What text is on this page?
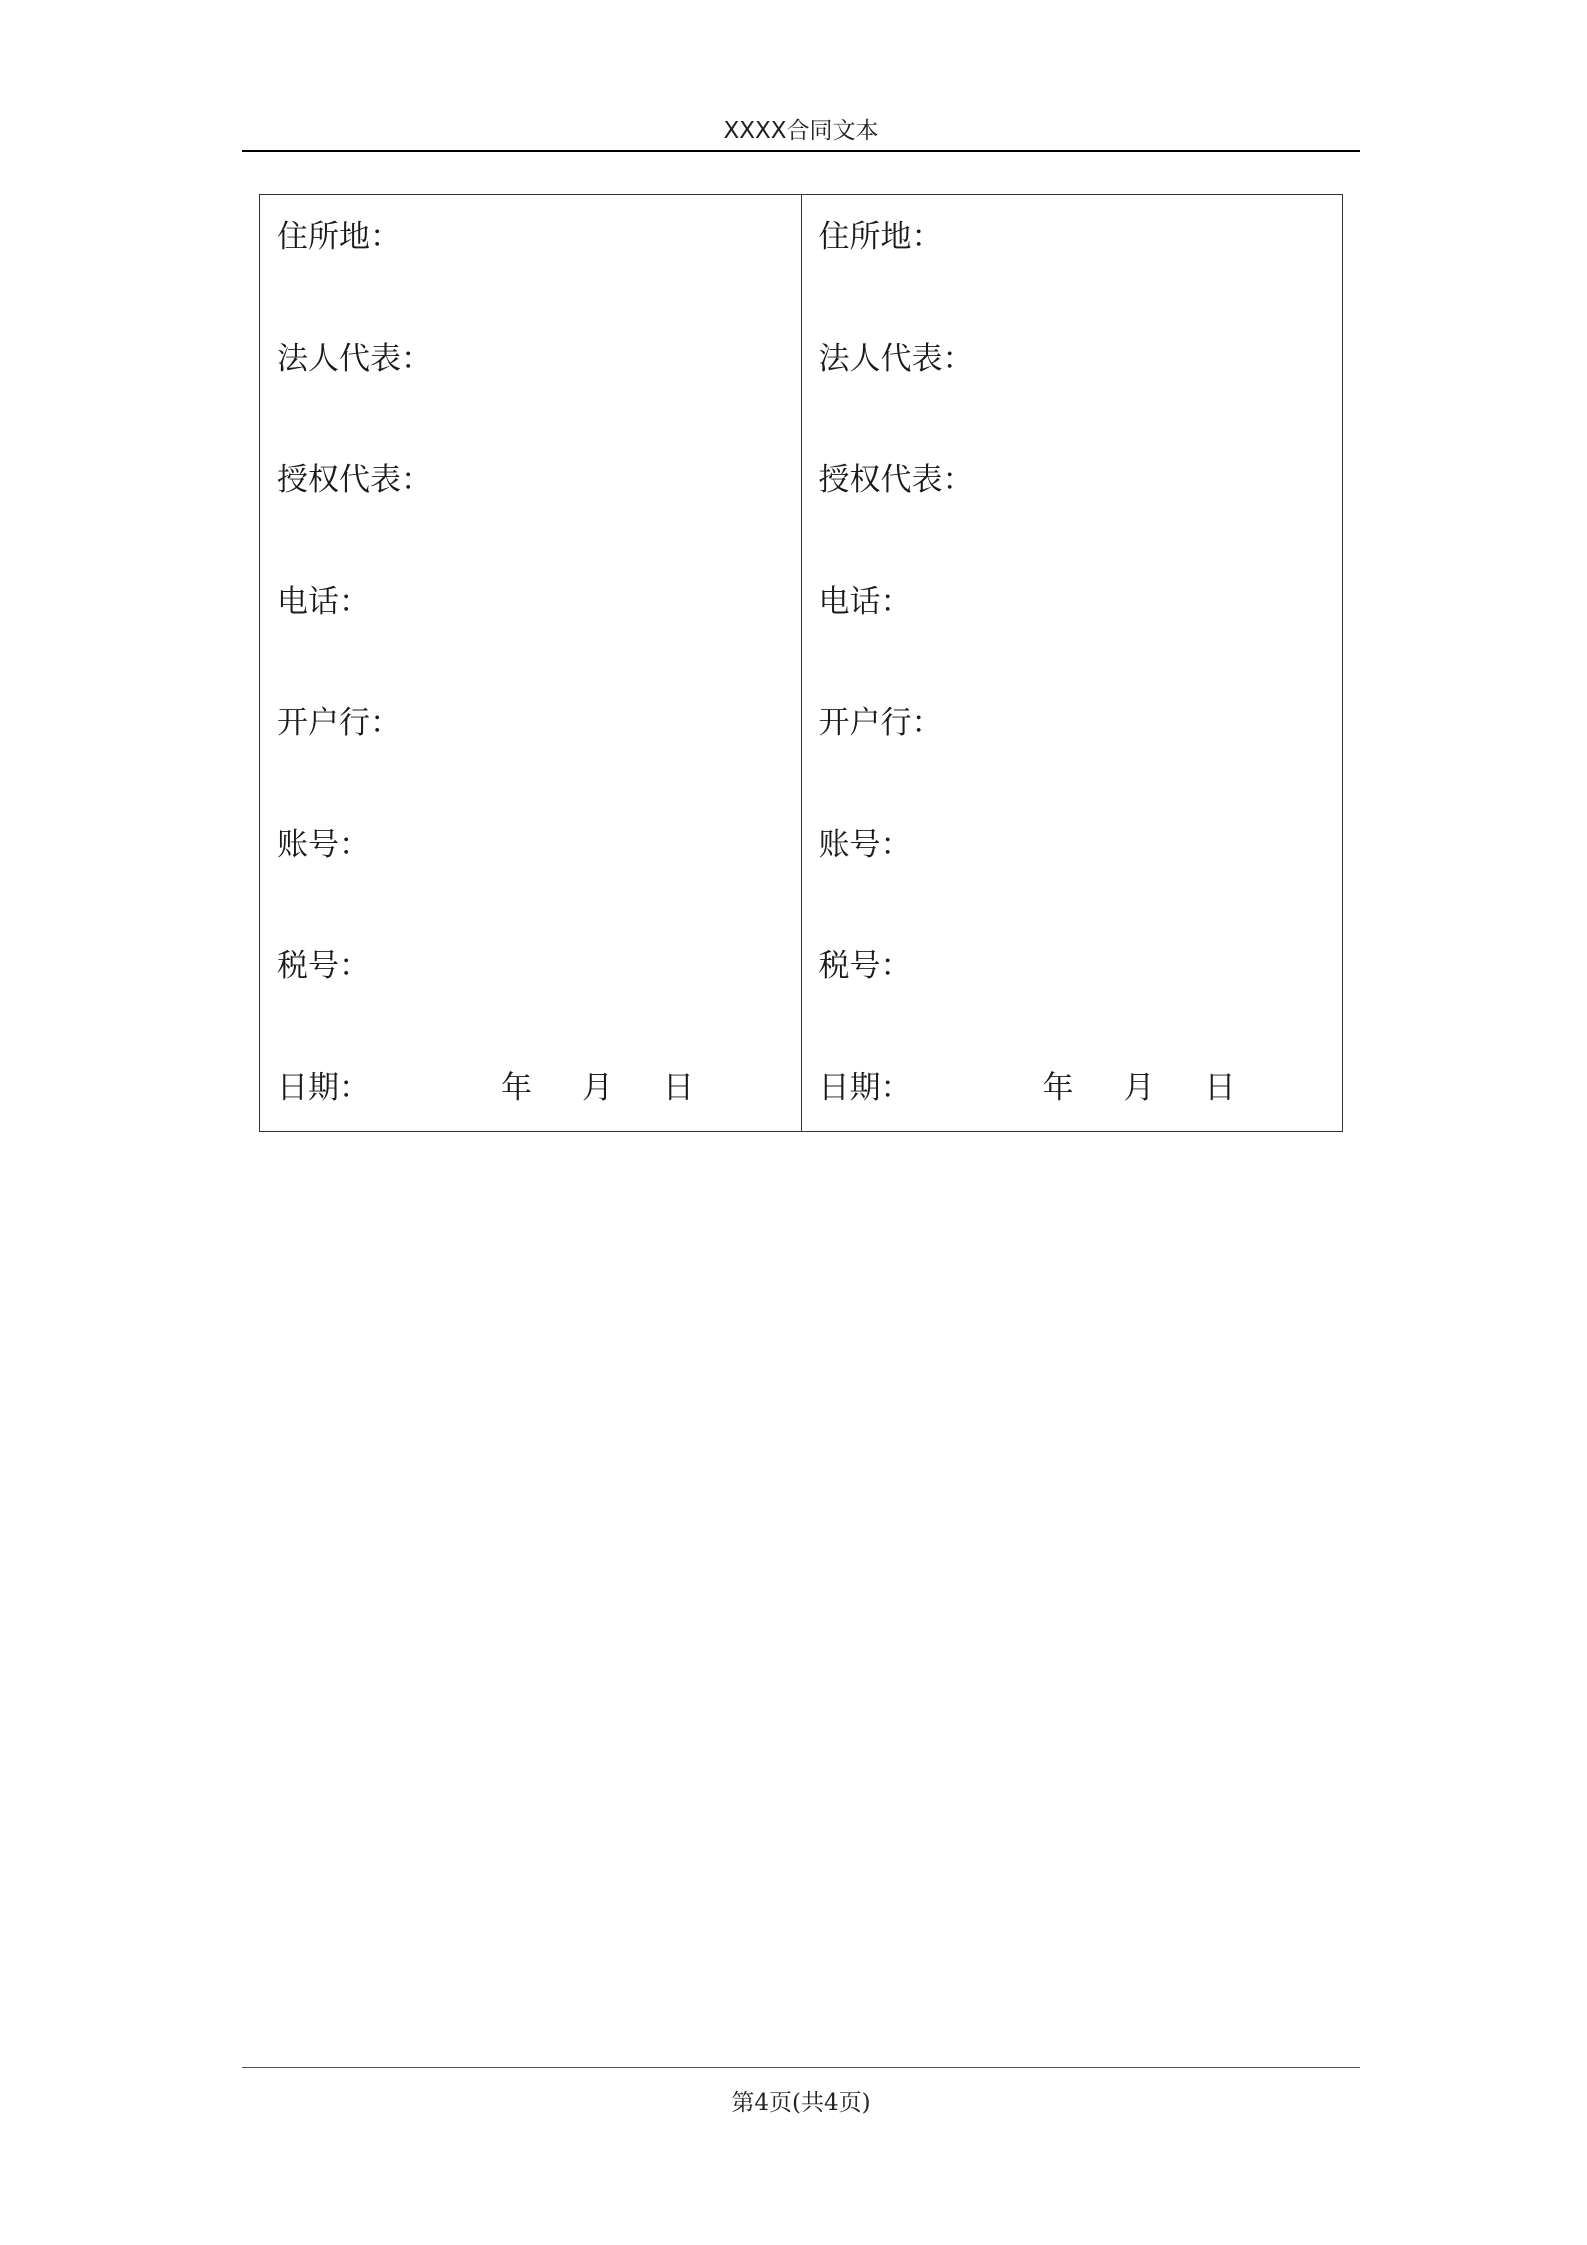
XXXX合同文本
住所地：
法人代表：
授权代表：
电话：
开户行：
账号：
税号：
日期：	年 月 日
住所地：
法人代表：
授权代表：
电话：
开户行：
账号：
税号：
日期：	年 月 日
第4页(共4页)
